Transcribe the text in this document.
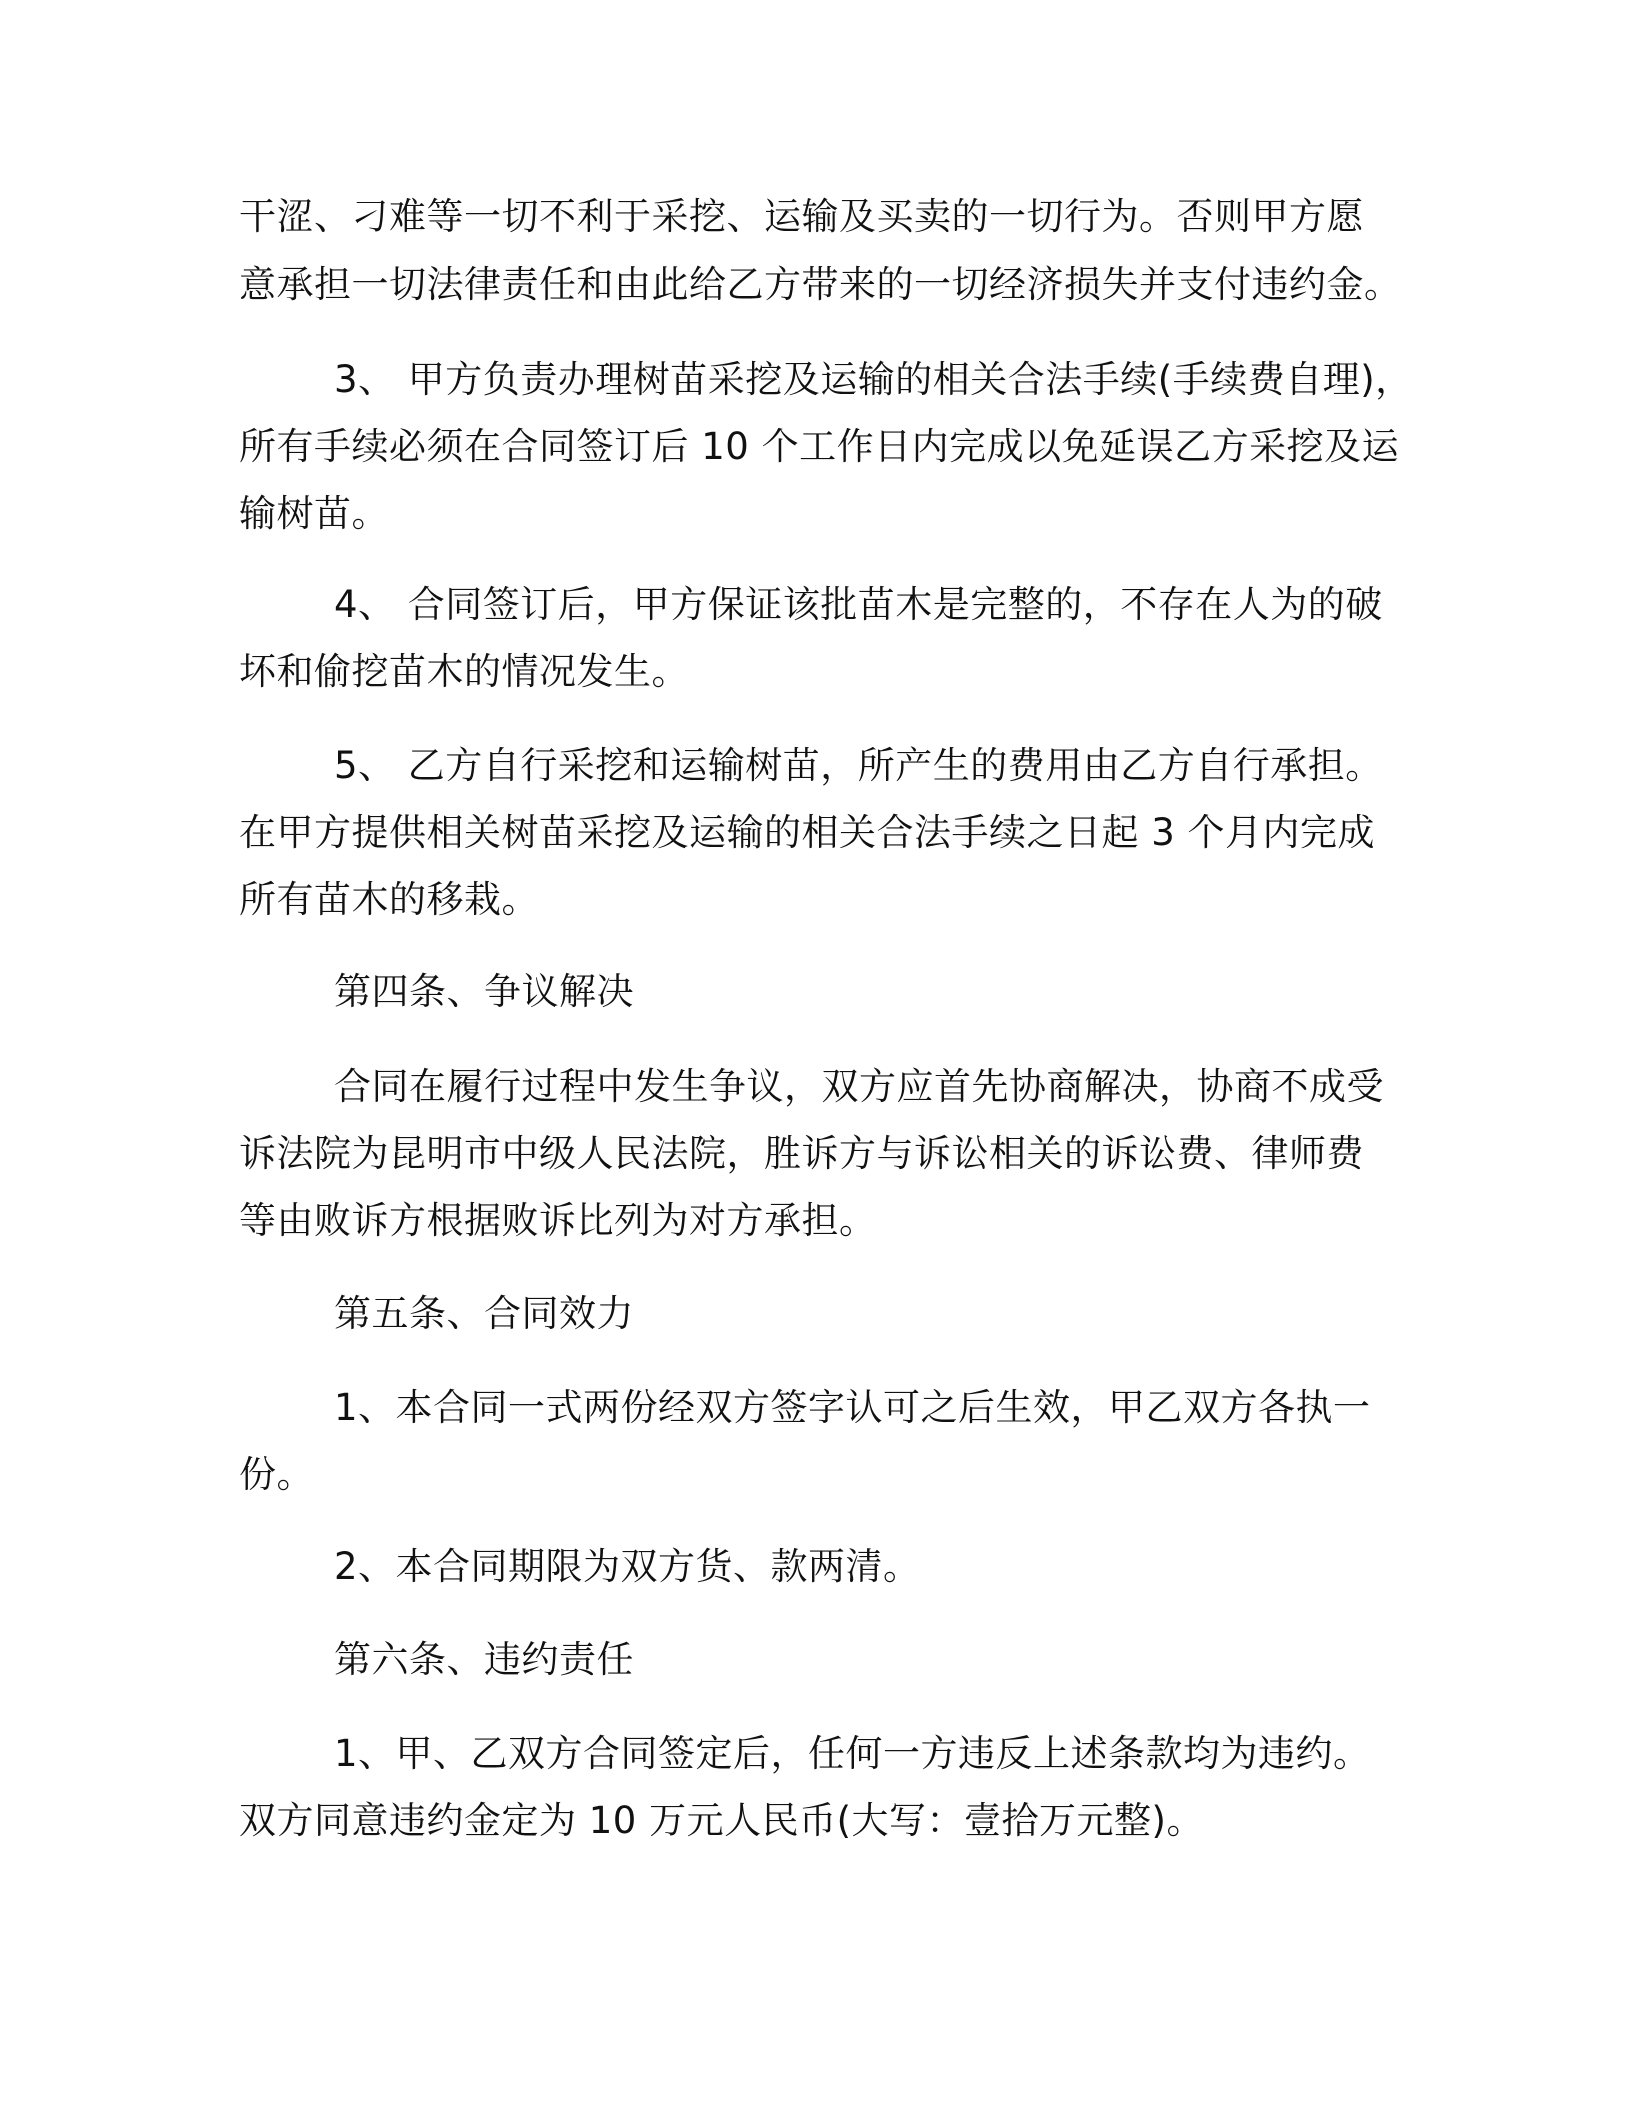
干涩、刁难等一切不利于采挖、运输及买卖的一切行为。否则甲方愿
意承担一切法律责任和由此给乙方带来的一切经济损失并支付违约金。
3、 甲方负责办理树苗采挖及运输的相关合法手续(手续费自理)，
所有手续必须在合同签订后 10 个工作日内完成以免延误乙方采挖及运
输树苗。
4、 合同签订后，甲方保证该批苗木是完整的，不存在人为的破
坏和偷挖苗木的情况发生。
5、 乙方自行采挖和运输树苗，所产生的费用由乙方自行承担。
在甲方提供相关树苗采挖及运输的相关合法手续之日起 3 个月内完成
所有苗木的移栽。
第四条、争议解决
合同在履行过程中发生争议，双方应首先协商解决，协商不成受
诉法院为昆明市中级人民法院，胜诉方与诉讼相关的诉讼费、律师费
等由败诉方根据败诉比列为对方承担。
第五条、合同效力
1、本合同一式两份经双方签字认可之后生效，甲乙双方各执一
份。
2、本合同期限为双方货、款两清。
第六条、违约责任
1、甲、乙双方合同签定后，任何一方违反上述条款均为违约。
双方同意违约金定为 10 万元人民币(大写：壹拾万元整)。
